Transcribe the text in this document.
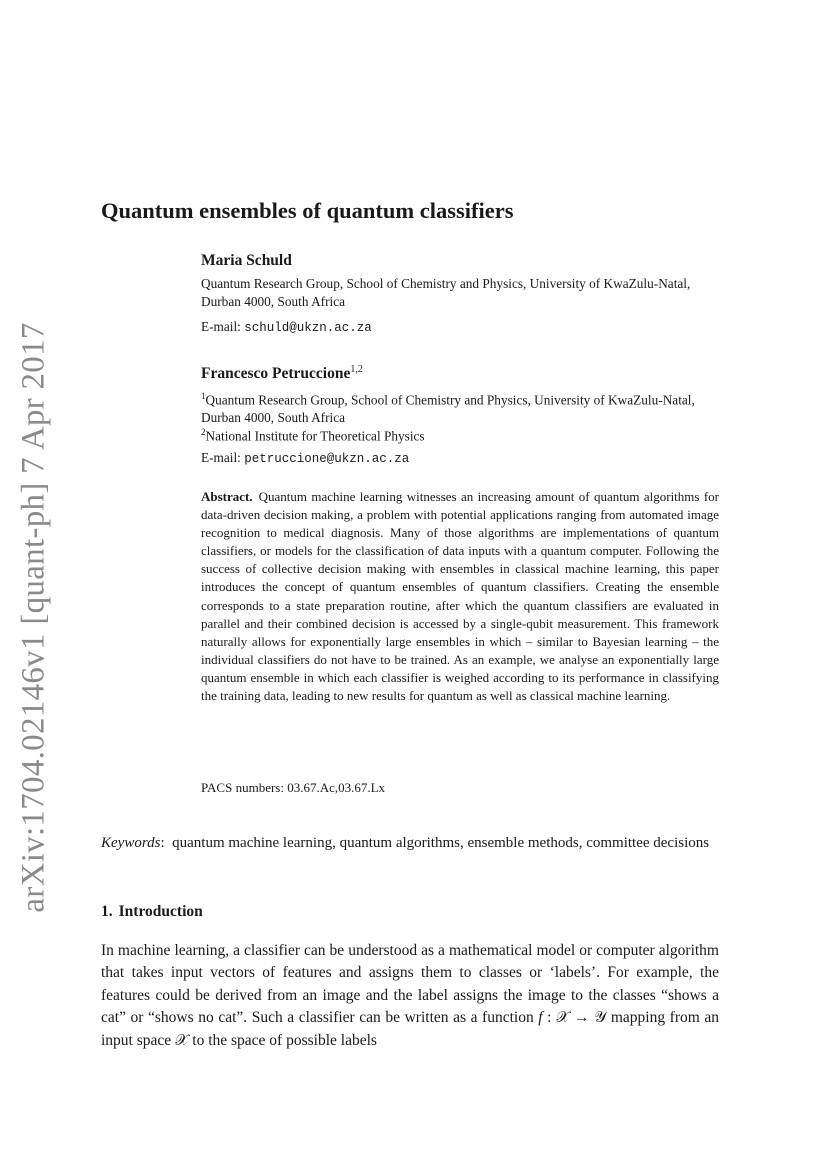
arXiv:1704.02146v1 [quant-ph] 7 Apr 2017
Quantum ensembles of quantum classifiers
Maria Schuld
Quantum Research Group, School of Chemistry and Physics, University of KwaZulu-Natal, Durban 4000, South Africa
E-mail: schuld@ukzn.ac.za
Francesco Petruccione$^{1,2}$
$^1$Quantum Research Group, School of Chemistry and Physics, University of KwaZulu-Natal, Durban 4000, South Africa
$^2$National Institute for Theoretical Physics
E-mail: petruccione@ukzn.ac.za

Abstract. Quantum machine learning witnesses an increasing amount of quantum algorithms for data-driven decision making, a problem with potential applications ranging from automated image recognition to medical diagnosis. Many of those algorithms are implementations of quantum classifiers, or models for the classification of data inputs with a quantum computer. Following the success of collective decision making with ensembles in classical machine learning, this paper introduces the concept of quantum ensembles of quantum classifiers. Creating the ensemble corresponds to a state preparation routine, after which the quantum classifiers are evaluated in parallel and their combined decision is accessed by a single-qubit measurement. This framework naturally allows for exponentially large ensembles in which – similar to Bayesian learning – the individual classifiers do not have to be trained. As an example, we analyse an exponentially large quantum ensemble in which each classifier is weighed according to its performance in classifying the training data, leading to new results for quantum as well as classical machine learning.

PACS numbers: 03.67.Ac,03.67.Lx

Keywords:  quantum machine learning, quantum algorithms, ensemble methods, committee decisions

1. Introduction

In machine learning, a classifier can be understood as a mathematical model or computer algorithm that takes input vectors of features and assigns them to classes or ‘labels’. For example, the features could be derived from an image and the label assigns the image to the classes “shows a cat” or “shows no cat”. Such a classifier can be written as a function f : 𝒳 → 𝒴 mapping from an input space 𝒳 to the space of possible labels
